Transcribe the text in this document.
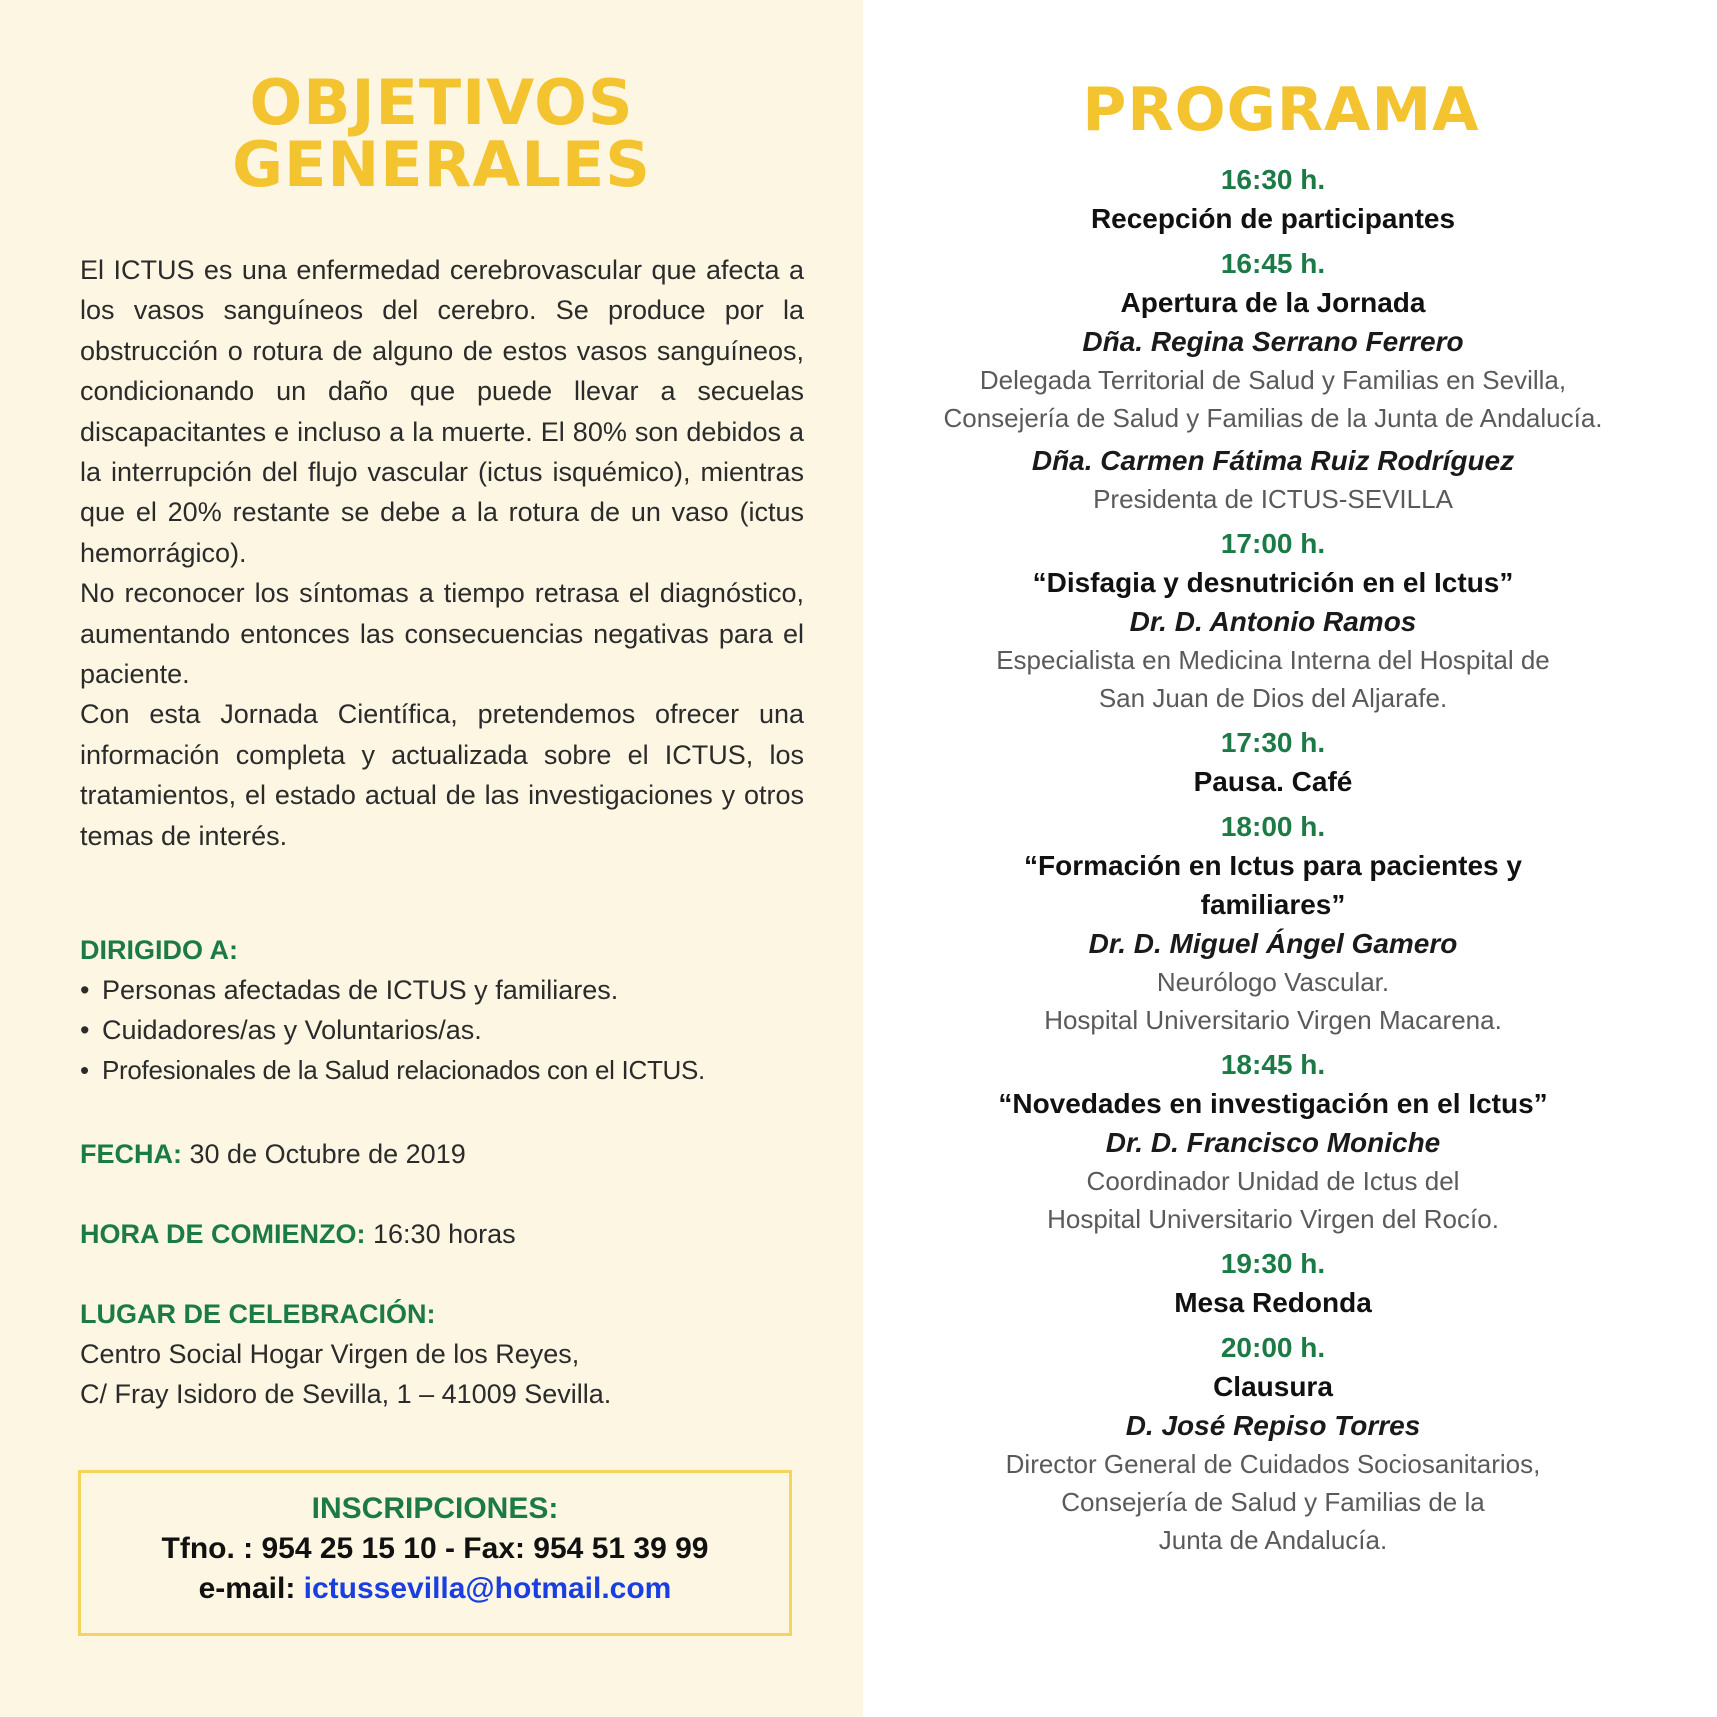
OBJETIVOS
GENERALES

El ICTUS es una enfermedad cerebrovascular que afecta a los vasos sanguíneos del cerebro. Se produce por la obstrucción o rotura de alguno de estos vasos sanguíneos, condicionando un daño que puede llevar a secuelas discapacitantes e incluso a la muerte. El 80% son debidos a la interrupción del flujo vascular (ictus isquémico), mientras que el 20% restante se debe a la rotura de un vaso (ictus hemorrágico).

No reconocer los síntomas a tiempo retrasa el diagnóstico, aumentando entonces las consecuencias negativas para el paciente.

Con esta Jornada Científica, pretendemos ofrecer una información completa y actualizada sobre el ICTUS, los tratamientos, el estado actual de las investigaciones y otros temas de interés.

DIRIGIDO A:
• Personas afectadas de ICTUS y familiares.
• Cuidadores/as y Voluntarios/as.
• Profesionales de la Salud relacionados con el ICTUS.
FECHA: 30 de Octubre de 2019
HORA DE COMIENZO: 16:30 horas
LUGAR DE CELEBRACIÓN:
Centro Social Hogar Virgen de los Reyes,
C/ Fray Isidoro de Sevilla, 1 – 41009 Sevilla.
INSCRIPCIONES:
Tfno. : 954 25 15 10 - Fax: 954 51 39 99
e-mail: ictussevilla@hotmail.com
PROGRAMA
16:30 h.
Recepción de participantes
16:45 h.
Apertura de la Jornada
Dña. Regina Serrano Ferrero
Delegada Territorial de Salud y Familias en Sevilla,
Consejería de Salud y Familias de la Junta de Andalucía.
Dña. Carmen Fátima Ruiz Rodríguez
Presidenta de ICTUS-SEVILLA
17:00 h.
“Disfagia y desnutrición en el Ictus”
Dr. D. Antonio Ramos
Especialista en Medicina Interna del Hospital de
San Juan de Dios del Aljarafe.
17:30 h.
Pausa. Café
18:00 h.
“Formación en Ictus para pacientes y
familiares”
Dr. D. Miguel Ángel Gamero
Neurólogo Vascular.
Hospital Universitario Virgen Macarena.
18:45 h.
“Novedades en investigación en el Ictus”
Dr. D. Francisco Moniche
Coordinador Unidad de Ictus del
Hospital Universitario Virgen del Rocío.
19:30 h.
Mesa Redonda
20:00 h.
Clausura
D. José Repiso Torres
Director General de Cuidados Sociosanitarios,
Consejería de Salud y Familias de la
Junta de Andalucía.
